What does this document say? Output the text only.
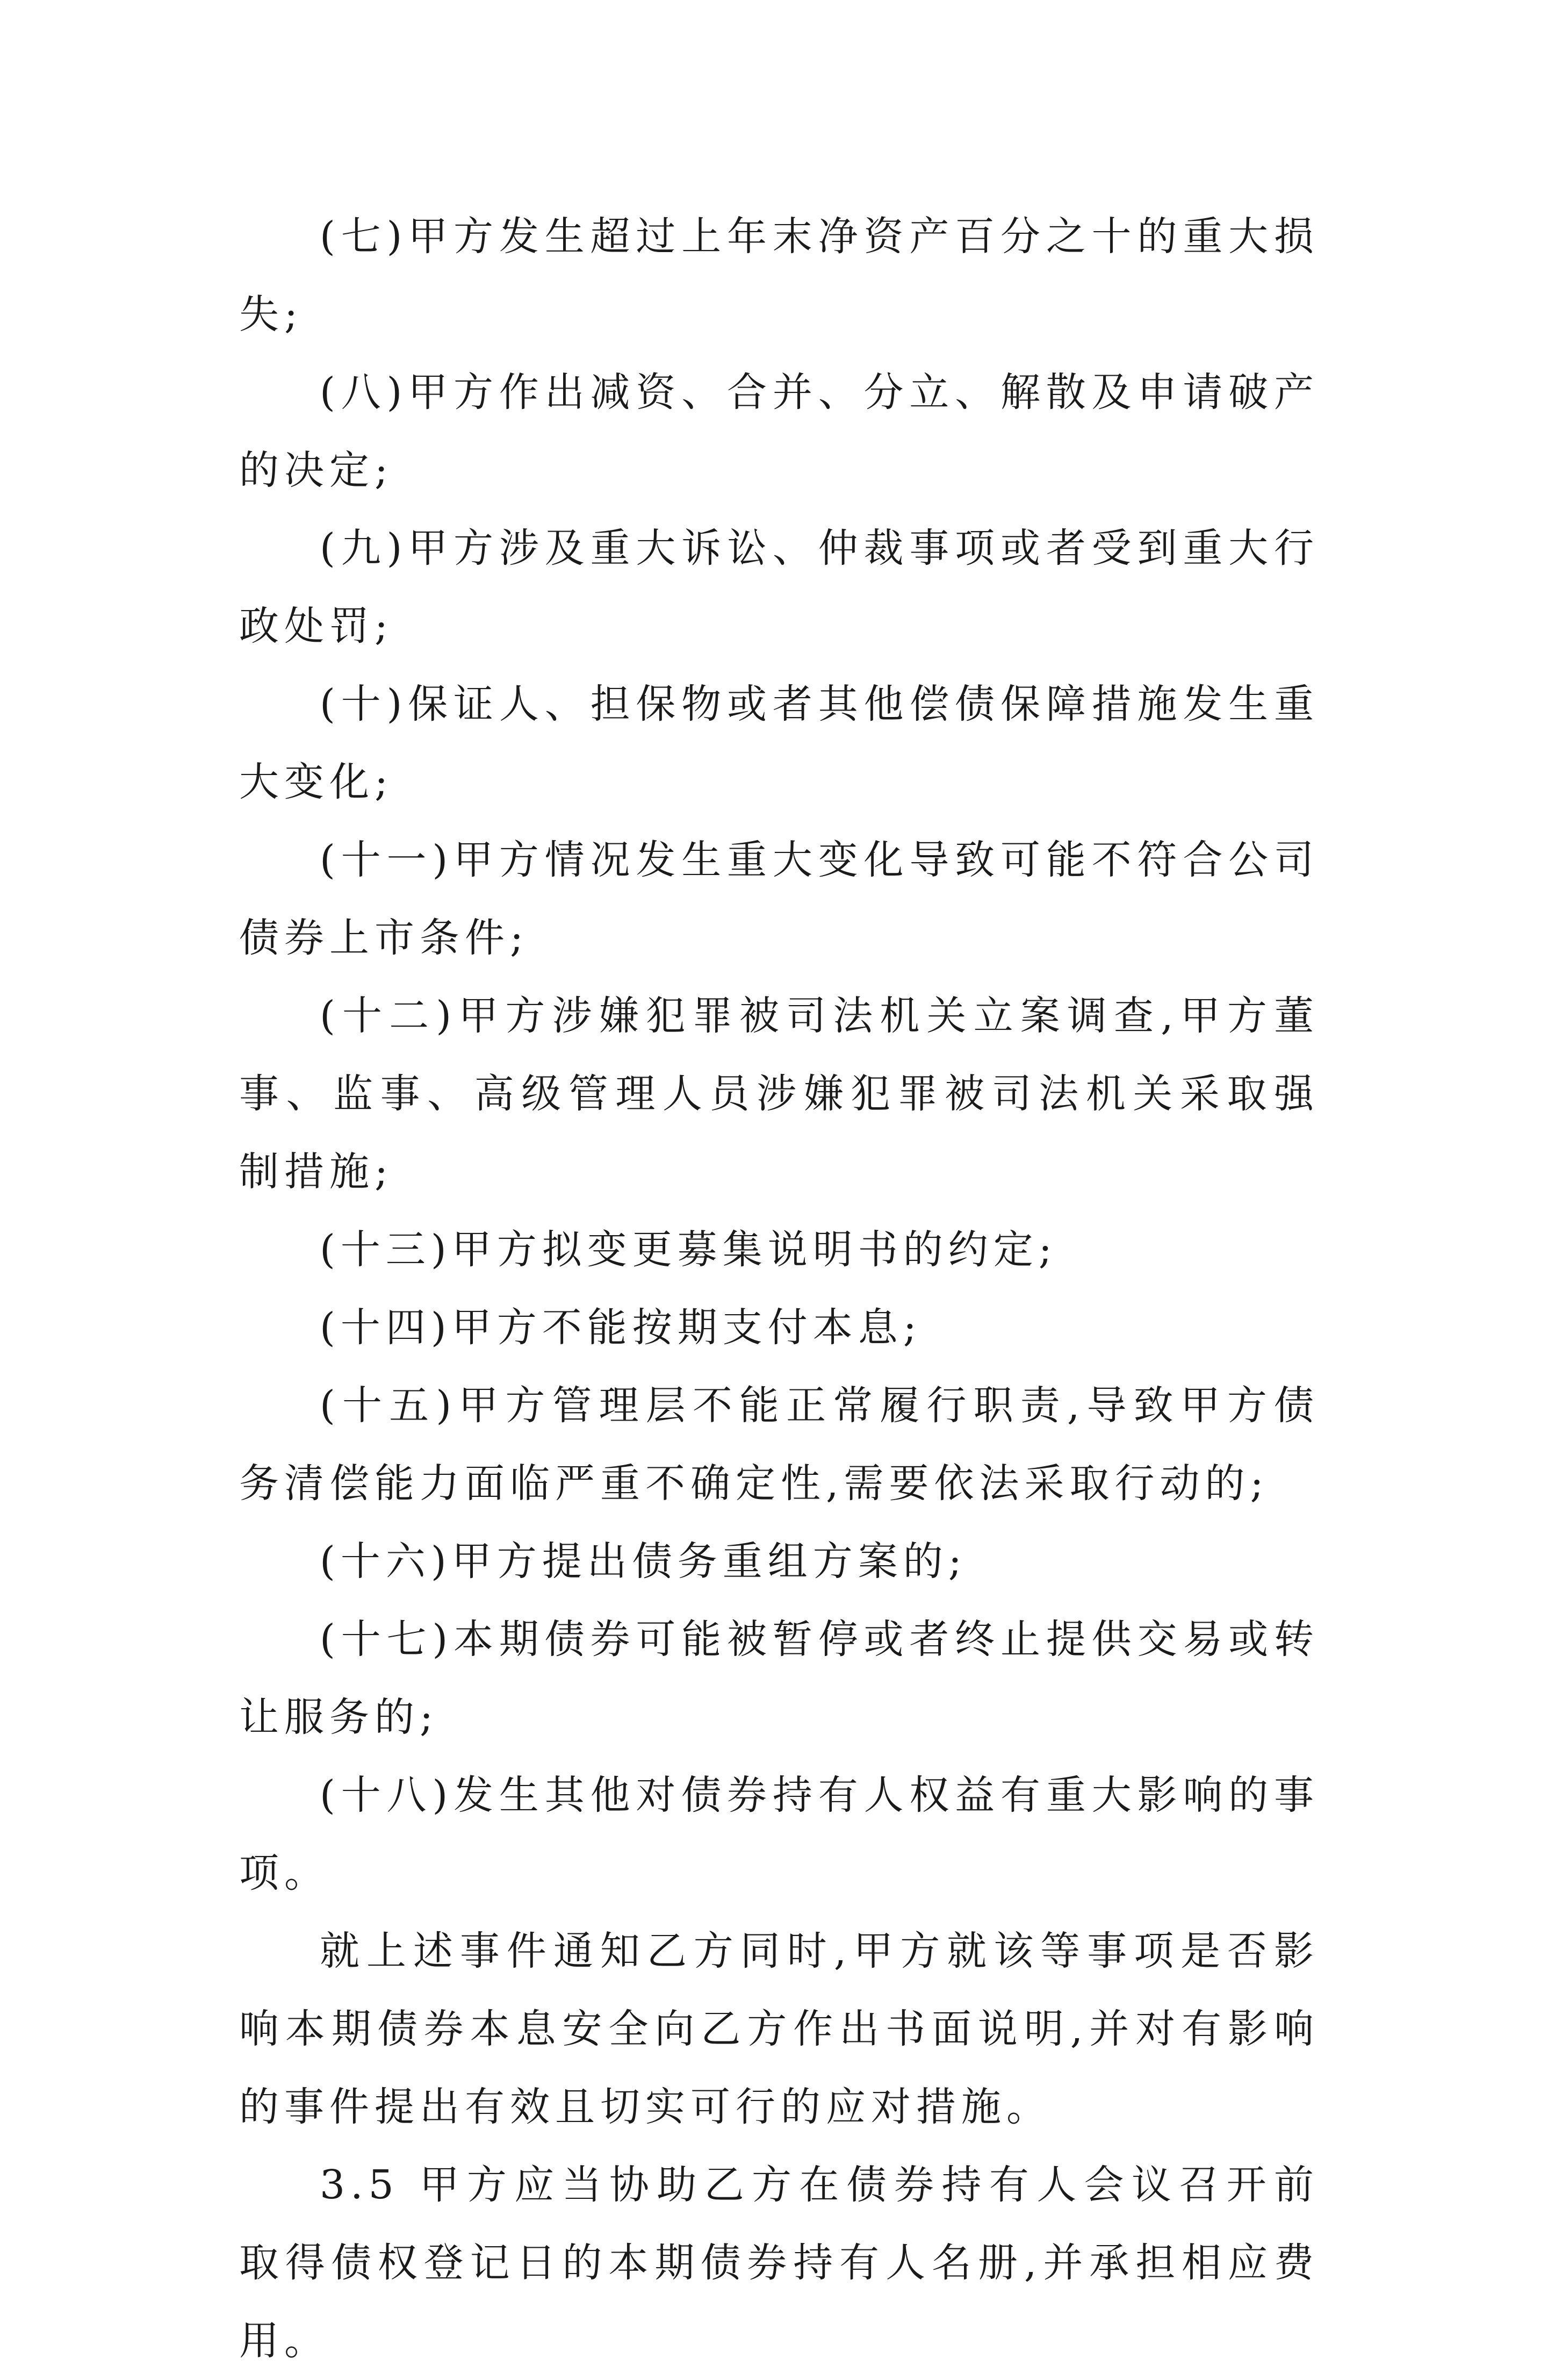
(七)甲方发生超过上年末净资产百分之十的重大损失;

(八)甲方作出减资、合并、分立、解散及申请破产的决定;

(九)甲方涉及重大诉讼、仲裁事项或者受到重大行政处罚;

(十)保证人、担保物或者其他偿债保障措施发生重大变化;

(十一)甲方情况发生重大变化导致可能不符合公司债券上市条件;

(十二)甲方涉嫌犯罪被司法机关立案调查,甲方董事、监事、高级管理人员涉嫌犯罪被司法机关采取强制措施;

(十三)甲方拟变更募集说明书的约定;

(十四)甲方不能按期支付本息;

(十五)甲方管理层不能正常履行职责,导致甲方债务清偿能力面临严重不确定性,需要依法采取行动的;

(十六)甲方提出债务重组方案的;

(十七)本期债券可能被暂停或者终止提供交易或转让服务的;

(十八)发生其他对债券持有人权益有重大影响的事项。

就上述事件通知乙方同时,甲方就该等事项是否影响本期债券本息安全向乙方作出书面说明,并对有影响的事件提出有效且切实可行的应对措施。

3.5 甲方应当协助乙方在债券持有人会议召开前取得债权登记日的本期债券持有人名册,并承担相应费用。
